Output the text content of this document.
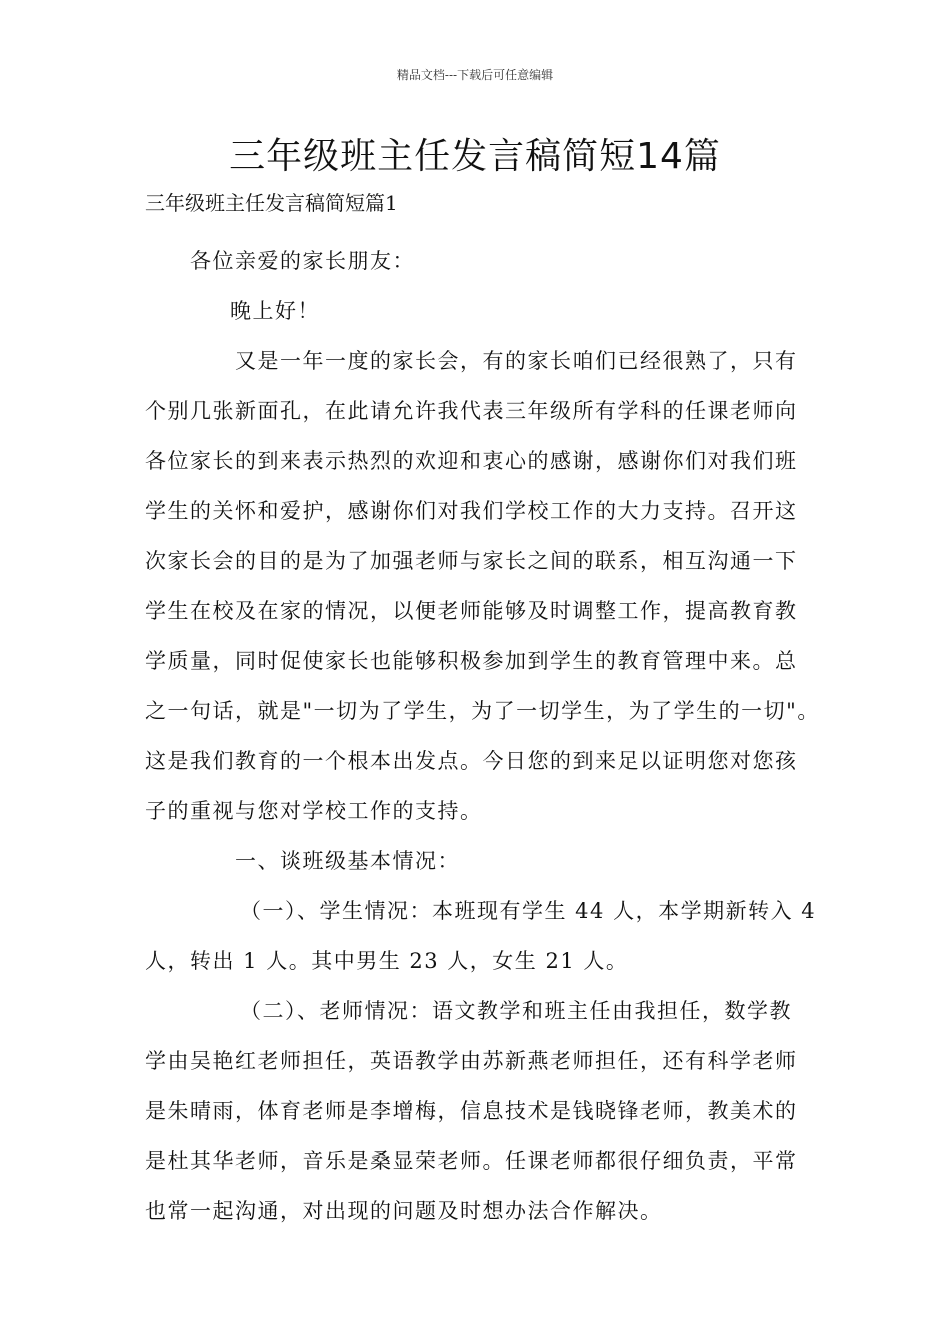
精品文档---下载后可任意编辑
三年级班主任发言稿简短14篇
三年级班主任发言稿简短篇1

各位亲爱的家长朋友：

晚上好！

又是一年一度的家长会，有的家长咱们已经很熟了，只有
个别几张新面孔，在此请允许我代表三年级所有学科的任课老师向
各位家长的到来表示热烈的欢迎和衷心的感谢，感谢你们对我们班
学生的关怀和爱护，感谢你们对我们学校工作的大力支持。召开这
次家长会的目的是为了加强老师与家长之间的联系，相互沟通一下
学生在校及在家的情况，以便老师能够及时调整工作，提高教育教
学质量，同时促使家长也能够积极参加到学生的教育管理中来。总
之一句话，就是"一切为了学生，为了一切学生，为了学生的一切"。
这是我们教育的一个根本出发点。今日您的到来足以证明您对您孩
子的重视与您对学校工作的支持。

一、谈班级基本情况：

（一）、学生情况：本班现有学生 44 人，本学期新转入 4
人，转出 1 人。其中男生 23 人，女生 21 人。

（二）、老师情况：语文教学和班主任由我担任，数学教
学由吴艳红老师担任，英语教学由苏新燕老师担任，还有科学老师
是朱晴雨，体育老师是李增梅，信息技术是钱晓锋老师，教美术的
是杜其华老师，音乐是桑显荣老师。任课老师都很仔细负责，平常
也常一起沟通，对出现的问题及时想办法合作解决。
